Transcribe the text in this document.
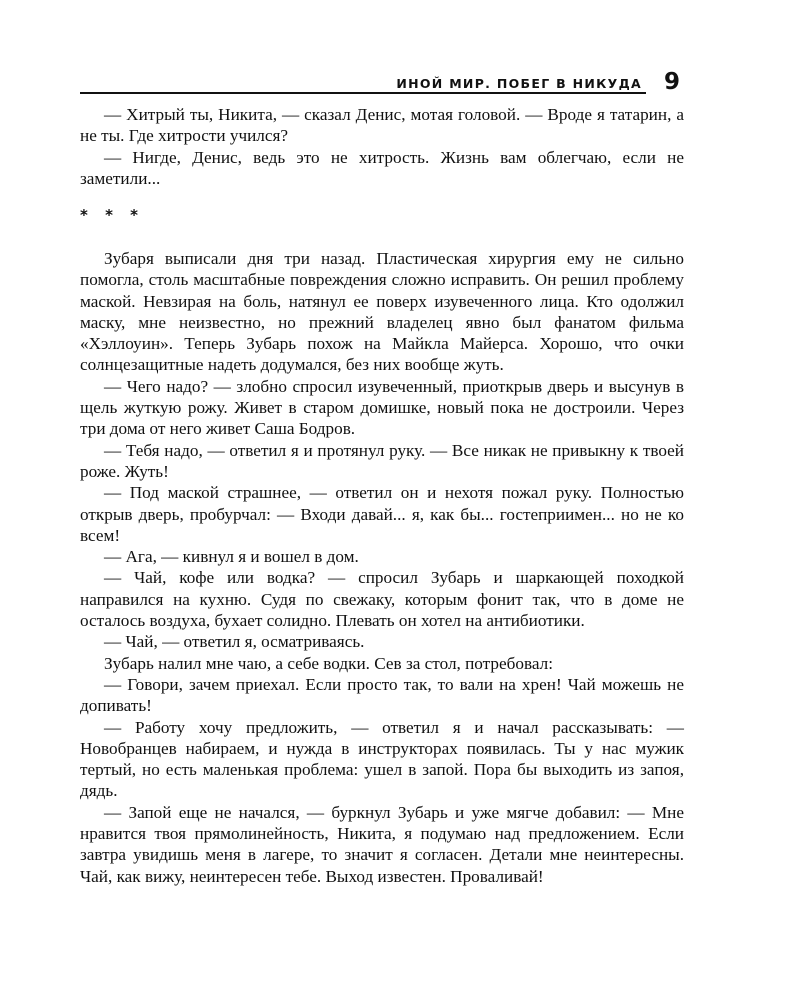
ИНОЙ МИР. ПОБЕГ В НИКУДА 9

— Хитрый ты, Никита, — сказал Денис, мотая головой. — Вроде я татарин, а не ты. Где хитрости учился?

— Нигде, Денис, ведь это не хитрость. Жизнь вам облегчаю, если не заметили...

* * *

Зубаря выписали дня три назад. Пластическая хирургия ему не сильно помогла, столь масштабные повреждения сложно исправить. Он решил проблему маской. Невзирая на боль, натянул ее поверх изувеченного лица. Кто одолжил маску, мне неизвестно, но прежний владелец явно был фанатом фильма «Хэллоуин». Теперь Зубарь похож на Майкла Майерса. Хорошо, что очки солнцезащитные надеть додумался, без них вообще жуть.

— Чего надо? — злобно спросил изувеченный, приоткрыв дверь и высунув в щель жуткую рожу. Живет в старом домишке, новый пока не достроили. Через три дома от него живет Саша Бодров.

— Тебя надо, — ответил я и протянул руку. — Все никак не привыкну к твоей роже. Жуть!

— Под маской страшнее, — ответил он и нехотя пожал руку. Полностью открыв дверь, пробурчал: — Входи давай... я, как бы... гостеприимен... но не ко всем!

— Ага, — кивнул я и вошел в дом.

— Чай, кофе или водка? — спросил Зубарь и шаркающей походкой направился на кухню. Судя по свежаку, которым фонит так, что в доме не осталось воздуха, бухает солидно. Плевать он хотел на антибиотики.

— Чай, — ответил я, осматриваясь.

Зубарь налил мне чаю, а себе водки. Сев за стол, потребовал:

— Говори, зачем приехал. Если просто так, то вали на хрен! Чай можешь не допивать!

— Работу хочу предложить, — ответил я и начал рассказывать: — Новобранцев набираем, и нужда в инструкторах появилась. Ты у нас мужик тертый, но есть маленькая проблема: ушел в запой. Пора бы выходить из запоя, дядь.

— Запой еще не начался, — буркнул Зубарь и уже мягче добавил: — Мне нравится твоя прямолинейность, Никита, я подумаю над предложением. Если завтра увидишь меня в лагере, то значит я согласен. Детали мне неинтересны. Чай, как вижу, неинтересен тебе. Выход известен. Проваливай!
